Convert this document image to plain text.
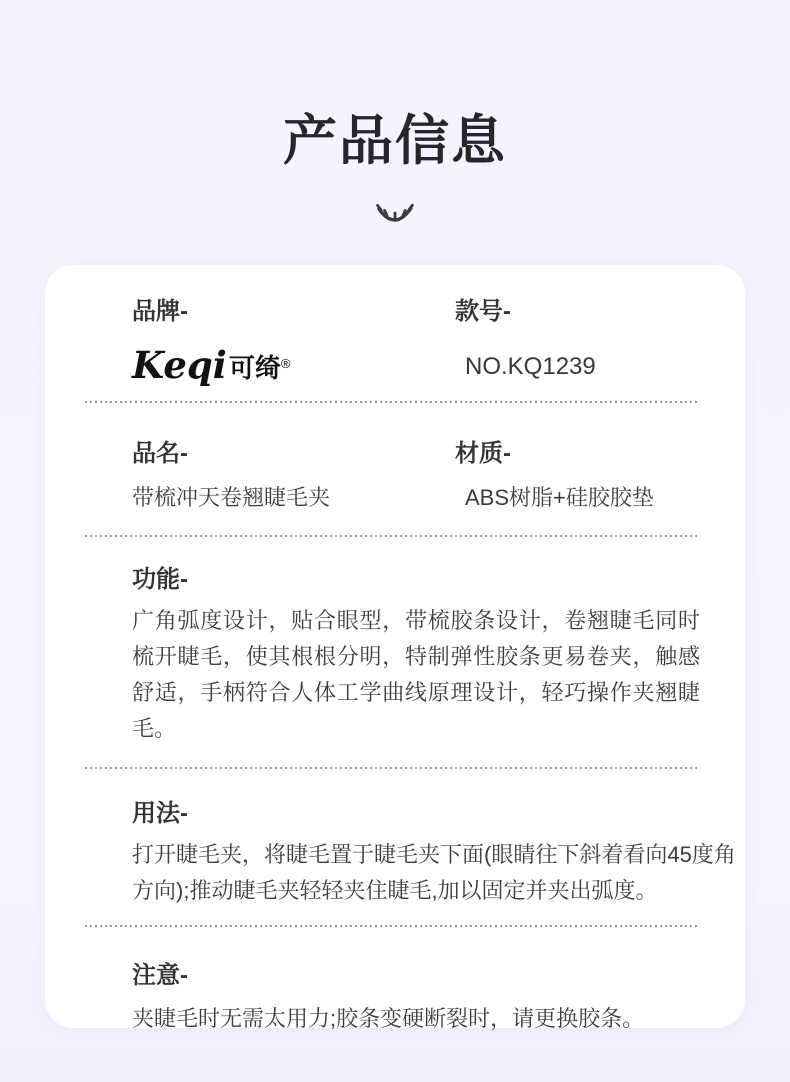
产品信息
品牌-
Keqi 可绮 ®
款号-
NO.KQ1239
品名-
带梳冲天卷翘睫毛夹
材质-
ABS树脂+硅胶胶垫
功能-
广角弧度设计，贴合眼型，带梳胶条设计，卷翘睫毛同时梳开睫毛，使其根根分明，特制弹性胶条更易卷夹，触感舒适，手柄符合人体工学曲线原理设计，轻巧操作夹翘睫毛。
用法-
打开睫毛夹，将睫毛置于睫毛夹下面(眼睛往下斜着看向45度角方向);推动睫毛夹轻轻夹住睫毛,加以固定并夹出弧度。
注意-
夹睫毛时无需太用力;胶条变硬断裂时，请更换胶条。
